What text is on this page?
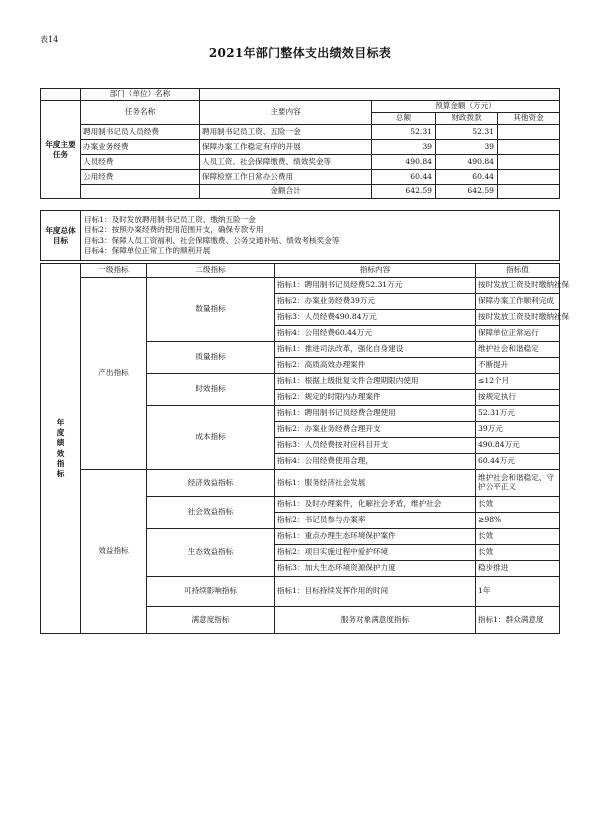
表14
2021年部门整体支出绩效目标表
	部门（单位）名称	
年度主要任务	任务名称	主要内容	预算金额（万元）		
			总额	财政拨款	其他资金
	聘用制书记员人员经费	聘用制书记员工资、五险一金	52.31	52.31	
	办案业务经费	保障办案工作稳定有序的开展	39	39	
	人员经费	人员工资、社会保障缴费、绩效奖金等	490.84	490.84	
	公用经费	保障检察工作日常办公费用	60.44	60.44	
		金额合计	642.59	642.59	
年度总体目标	
目标1：及时发放聘用制书记员工资、缴纳五险一金
目标2：按照办案经费的使用范围开支，确保专款专用
目标3：保障人员工资福利、社会保障缴费、公务交通补贴、绩效考核奖金等
目标4：保障单位正常工作的顺利开展
年度绩效指标	一级指标	二级指标	指标内容	指标值	
	产出指标	数量指标	指标1：聘用制书记员经费52.31万元	按时发放工资及时缴纳社保	
			指标2：办案业务经费39万元	保障办案工作顺利完成	
			指标3：人员经费490.84万元	按时发放工资及时缴纳社保	
			指标4：公用经费60.44万元	保障单位正常运行	
		质量指标	指标1：推进司法改革，强化自身建设	维护社会和谐稳定	
			指标2：高质高效办理案件	不断提升	
		时效指标	指标1：根据上级批复文件合理期限内使用	≤12个月	
			指标2：规定的时限内办理案件	按规定执行	
		成本指标	指标1：聘用制书记员经费合理使用	52.31万元	
			指标2：办案业务经费合理开支	39万元	
			指标3：人员经费按对应科目开支	490.84万元	
			指标4：公用经费使用合理，	60.44万元	
	效益指标	经济效益指标	指标1：服务经济社会发展	维护社会和谐稳定、守护公平正义	
		社会效益指标	指标1：及时办理案件，化解社会矛盾，维护社会	长效	
			指标2：书记员参与办案率	≥98%	
		生态效益指标	指标1：重点办理生态环境保护案件	长效	
			指标2：项目实施过程中爱护环境	长效	
			指标3：加大生态环境资源保护力度	稳步推进	
		可持续影响指标	指标1：目标持续发挥作用的时间	1年	
		满意度指标	服务对象满意度指标	指标1：群众满意度	
